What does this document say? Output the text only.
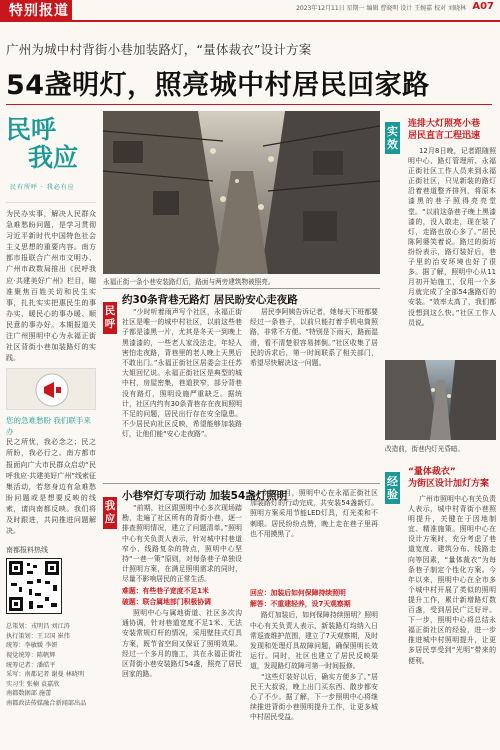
特别报道	2023年12月11日 星期一 编辑 曹晓明 设计 王婉嘉 校对 刘晓林 A07
广州为城中村背街小巷加装路灯，“量体裁衣”设计方案
54盏明灯，照亮城中村居民回家路
民呼
我应
民有所呼 · 我必有应
为民办实事，解决人民群众急难愁盼问题，是学习贯彻习近平新时代中国特色社会主义思想的重要内容。南方都市报联合广州市文明办、广州市政数局推出《民呼我应·共建美好广州》栏目，瞄准聚焦百姓关切和民生实事，扎扎实实把惠民生的事办实、暖民心的事办暖、顺民意的事办好。本期报道关注广州照明中心为永福正街社区背街小巷加装路灯的实践。
您的急难愁盼 我们联手来办
民之所忧，我必念之；民之所盼，我必行之。南方都市报面向广大市民群众启动“民呼我应·共建美好广州”线索征集活动，若您身边有急难愁盼问题或是想要反映的线索，请向南都反映。我们将及时跟进，共同推进问题解决。
南都报料热线
总策划：戎明昌 刘江涛
执行策划：王卫国 崔伟
统筹：李敏媛 李妍
视觉统筹：陈帆辉
统筹记者：潘皓平
采写：南都记者 谢曼 林晓明
实习生 张楠 袁嘉欣
南都数据部 施蕾
南都政法传媒融合新闻部出品
永福正街一条小巷安装路灯后，路面与两旁建筑物被照亮。
民呼
约30条背巷无路灯 居民盼安心走夜路

“少时听着雨声写个社区，永福正街社区是唯一的城中村社区，以前这些巷子都是漆黑一片，尤其是冬天一到晚上黑漆漆的，一些老人家没法走，年轻人害怕走夜路，背巷里的老人晚上天黑后不敢出门。”永福正街社区居委会主任苏大姐回忆说。永福正街社区是典型的城中村，房屋密集，巷道狭窄，部分背巷没有路灯，照明设施严重缺乏。据统计，社区内约有30条背巷存在夜间照明不足的问题，居民出行存在安全隐患。不少居民向社区反映，希望能够加装路灯，让他们能“安心走夜路”。

居民李阿姨告诉记者，她每天下班都要经过一条巷子，以前只能打着手机电筒照路，非常不方便。“特别是下雨天，路面湿滑，看不清楚很容易摔倒。”社区收集了居民的诉求后，第一时间联系了相关部门，希望尽快解决这一问题。

我应
小巷窄灯专项行动 加装54盏灯照明

“前期，社区跟照明中心多次现场踏勘，走遍了社区所有的背街小巷，逐一排查照明情况，建立了问题清单。”照明中心有关负责人表示，针对城中村巷道窄小、线路复杂的特点，照明中心坚持“一巷一策”原则，对每条巷子单独设计照明方案，在满足照明需求的同时，尽量不影响居民的正常生活。

难题：有些巷子宽度不足1米
破题：联合属地部门积极协调

照明中心与属地街道、社区多次沟通协调，针对巷道宽度不足1米、无法安装常规灯杆的情况，采用壁挂式灯具方案，既节省空间又保证了照明效果。经过一个多月的施工，共在永福正街社区背街小巷安装路灯54盏，照亮了居民回家的路。

今年11月，照明中心在永福正街社区加装路灯的行动完成，共安装54盏新灯。照明方案采用节能LED灯具，灯光柔和不刺眼。居民纷纷点赞，晚上走在巷子里再也不用摸黑了。

回应：加装后如何保障持续照明
解答：不重建轻养，设7天观察期

路灯加装后，如何保障持续照明？照明中心有关负责人表示，新装路灯均纳入日常巡查维护范围，建立了7天观察期，及时发现和处理灯具故障问题，确保照明长效运行。同时，社区也建立了居民反映渠道，发现路灯故障可第一时间报修。

“这些灯装好以后，确实方便多了。”居民王大叔说，晚上出门买东西、散步都安心了不少。据了解，下一步照明中心将继续推进背街小巷照明提升工作，让更多城中村居民受益。

实效
连排大灯照亮小巷
居民直言工程迅速

12月8日晚，记者跟随照明中心、路灯管理所、永福正街社区工作人员来到永福正街社区，只见新装的路灯沿着巷道整齐排列，将原本漆黑的巷子照得亮亮堂堂。“以前这条巷子晚上黑漆漆的，没人敢走，现在装了灯，走路也放心多了。”居民陈阿婆笑着说。路过的街坊纷纷表示，路灯装好后，巷子里的治安环境也好了很多。据了解，照明中心从11月初开始施工，仅用一个多月就完成了全部54盏路灯的安装。“效率太高了，我们都没想到这么快。”社区工作人员说。

改造前，街巷内灯光昏暗。
经验
“量体裁衣”
为街区设计加灯方案

广州市照明中心有关负责人表示，城中村背街小巷照明提升，关键在于因地制宜、精准施策。照明中心在设计方案时，充分考虑了巷道宽度、建筑分布、线路走向等因素，“量体裁衣”为每条巷子制定个性化方案。今年以来，照明中心在全市多个城中村开展了类似的照明提升工作，累计新增路灯数百盏，受到居民广泛好评。下一步，照明中心将总结永福正街社区的经验，进一步推进城中村照明提升，让更多居民享受到“光明”带来的便利。
